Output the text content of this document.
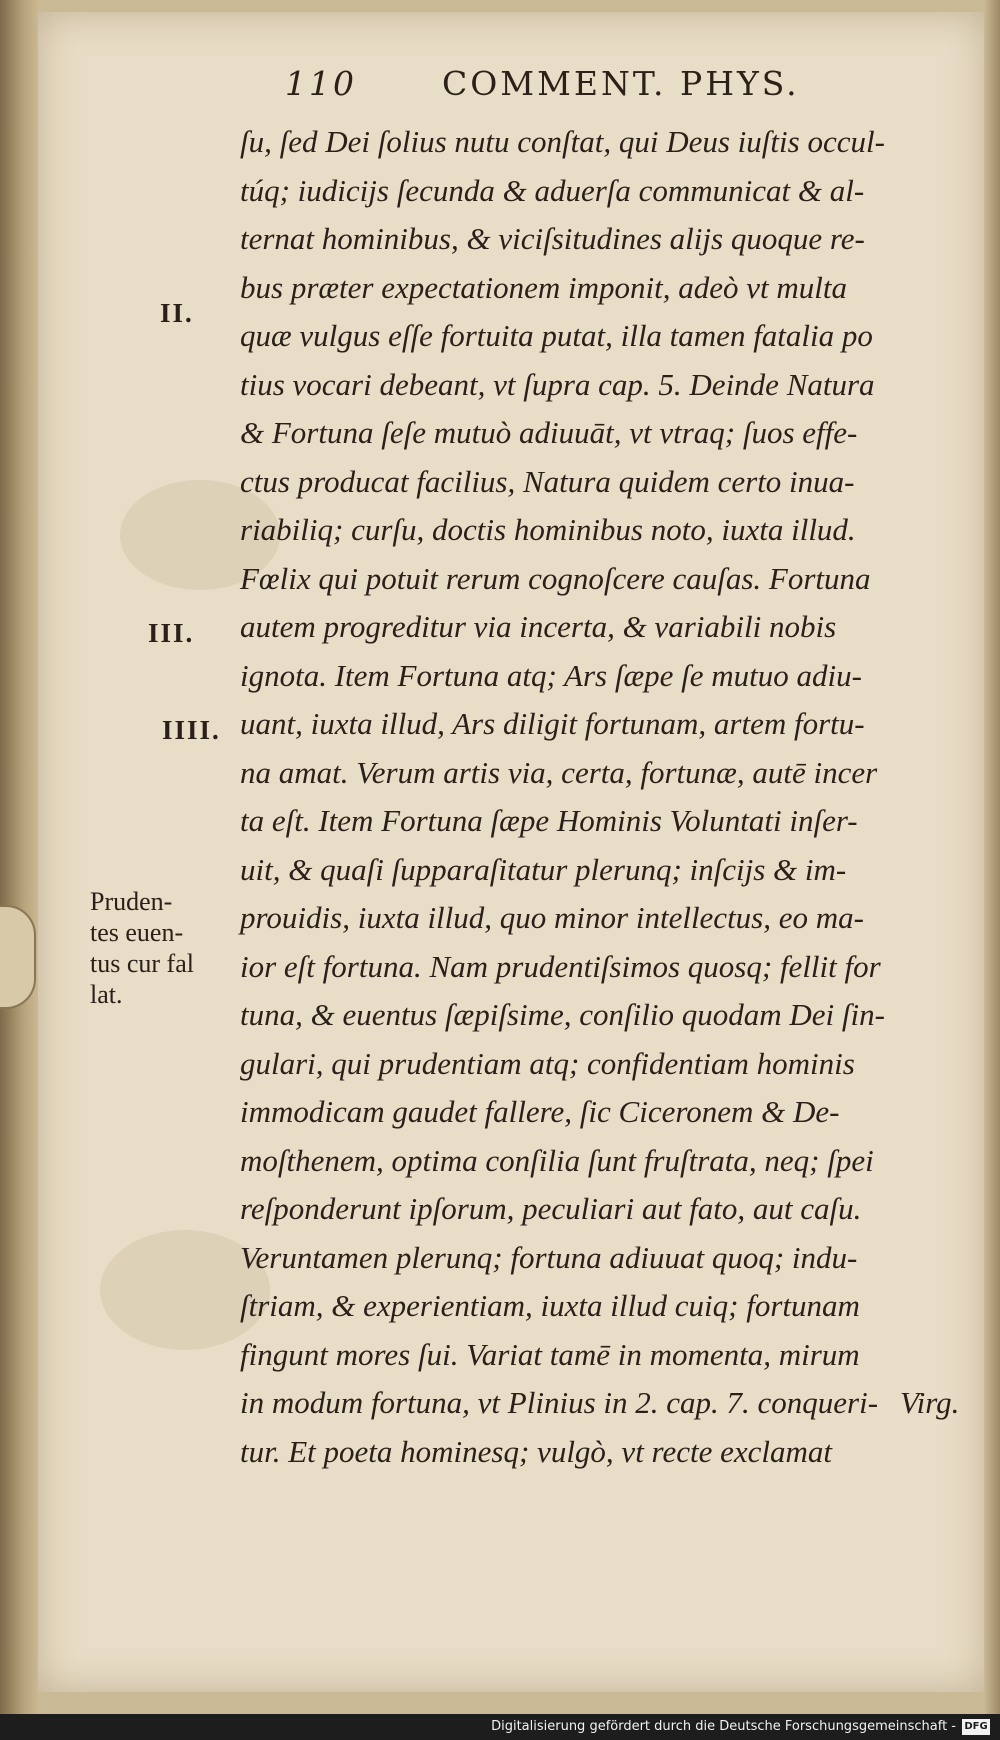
110	COMMENT. PHYS.
II.
III.
IIII.
Pruden-
tes euen-
tus cur fal
lat.
ſu, ſed Dei ſolius nutu conſtat, qui Deus iuſtis occul-
túq; iudicijs ſecunda & aduerſa communicat & al-
ternat hominibus, & viciſsitudines alijs quoque re-
bus præter expectationem imponit, adeò vt multa
quæ vulgus eſſe fortuita putat, illa tamen fatalia po
tius vocari debeant, vt ſupra cap. 5. Deinde Natura
& Fortuna ſeſe mutuò adiuuāt, vt vtraq; ſuos effe-
ctus producat facilius, Natura quidem certo inua-
riabiliq; curſu, doctis hominibus noto, iuxta illud.
Fœlix qui potuit rerum cognoſcere cauſas. Fortuna
autem progreditur via incerta, & variabili nobis
ignota. Item Fortuna atq; Ars ſæpe ſe mutuo adiu-
uant, iuxta illud, Ars diligit fortunam, artem fortu-
na amat. Verum artis via, certa, fortunæ, autē incer
ta eſt. Item Fortuna ſæpe Hominis Voluntati inſer-
uit, & quaſi ſupparaſitatur plerunq; inſcijs & im-
prouidis, iuxta illud, quo minor intellectus, eo ma-
ior eſt fortuna. Nam prudentiſsimos quosq; fellit for
tuna, & euentus ſæpiſsime, conſilio quodam Dei ſin-
gulari, qui prudentiam atq; confidentiam hominis
immodicam gaudet fallere, ſic Ciceronem & De-
moſthenem, optima conſilia ſunt fruſtrata, neq; ſpei
reſponderunt ipſorum, peculiari aut fato, aut caſu.
Veruntamen plerunq; fortuna adiuuat quoq; indu-
ſtriam, & experientiam, iuxta illud cuiq; fortunam
fingunt mores ſui. Variat tamē in momenta, mirum
in modum fortuna, vt Plinius in 2. cap. 7. conqueri-
tur. Et poeta hominesq; vulgò, vt recte exclamat
Virg.
Digitalisierung gefördert durch die Deutsche Forschungsgemeinschaft - DFG
